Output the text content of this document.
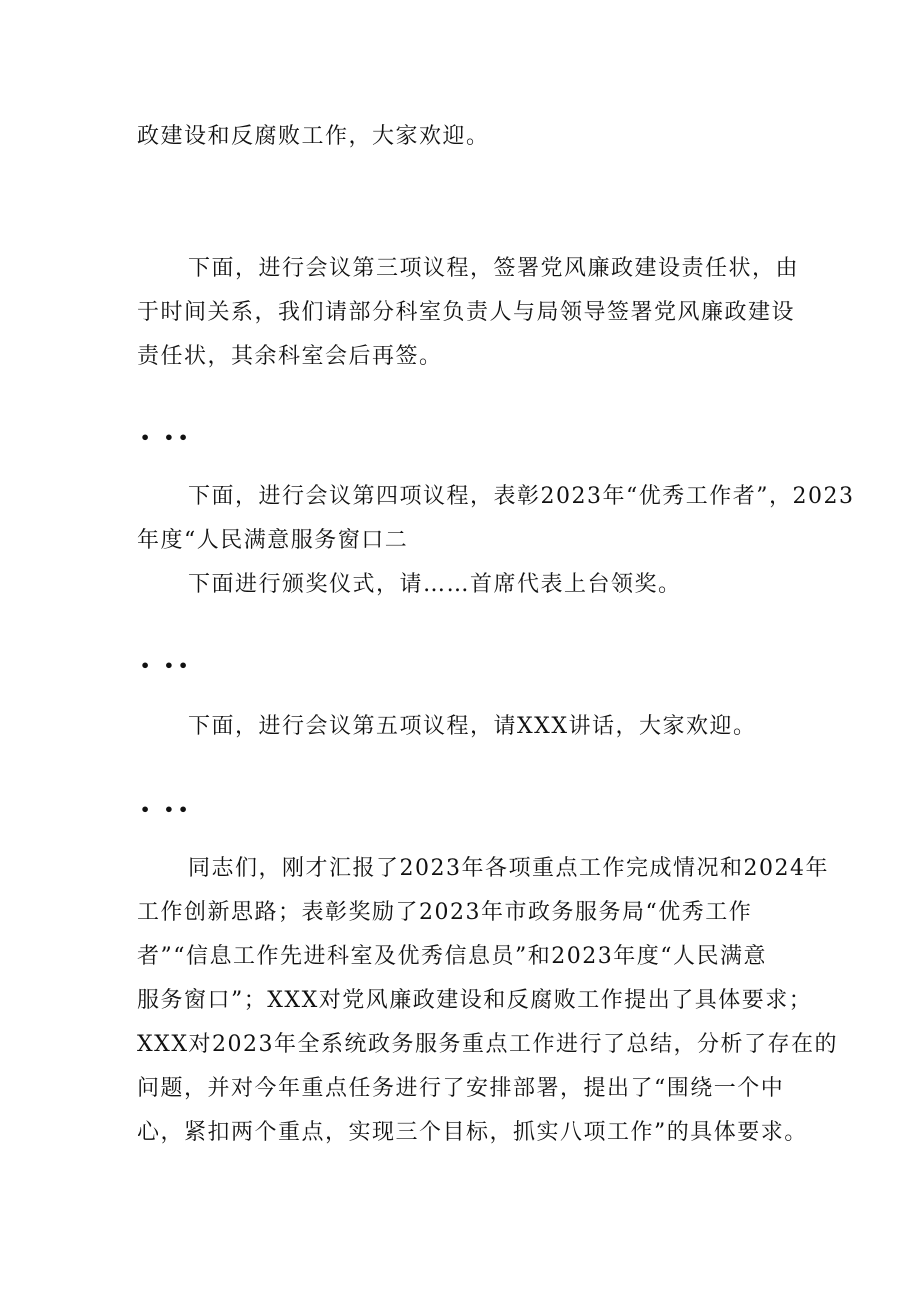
政建设和反腐败工作，大家欢迎。
下面，进行会议第三项议程，签署党风廉政建设责任状，由
于时间关系，我们请部分科室负责人与局领导签署党风廉政建设
责任状，其余科室会后再签。
• ••
下面，进行会议第四项议程，表彰2023年“优秀工作者”，2023
年度“人民满意服务窗口二
下面进行颁奖仪式，请……首席代表上台领奖。
• ••
下面，进行会议第五项议程，请XXX讲话，大家欢迎。
• ••
同志们，刚才汇报了2023年各项重点工作完成情况和2024年
工作创新思路；表彰奖励了2023年市政务服务局“优秀工作
者”“信息工作先进科室及优秀信息员”和2023年度“人民满意
服务窗口”；XXX对党风廉政建设和反腐败工作提出了具体要求；
XXX对2023年全系统政务服务重点工作进行了总结，分析了存在的
问题，并对今年重点任务进行了安排部署，提出了“围绕一个中
心，紧扣两个重点，实现三个目标，抓实八项工作”的具体要求。
